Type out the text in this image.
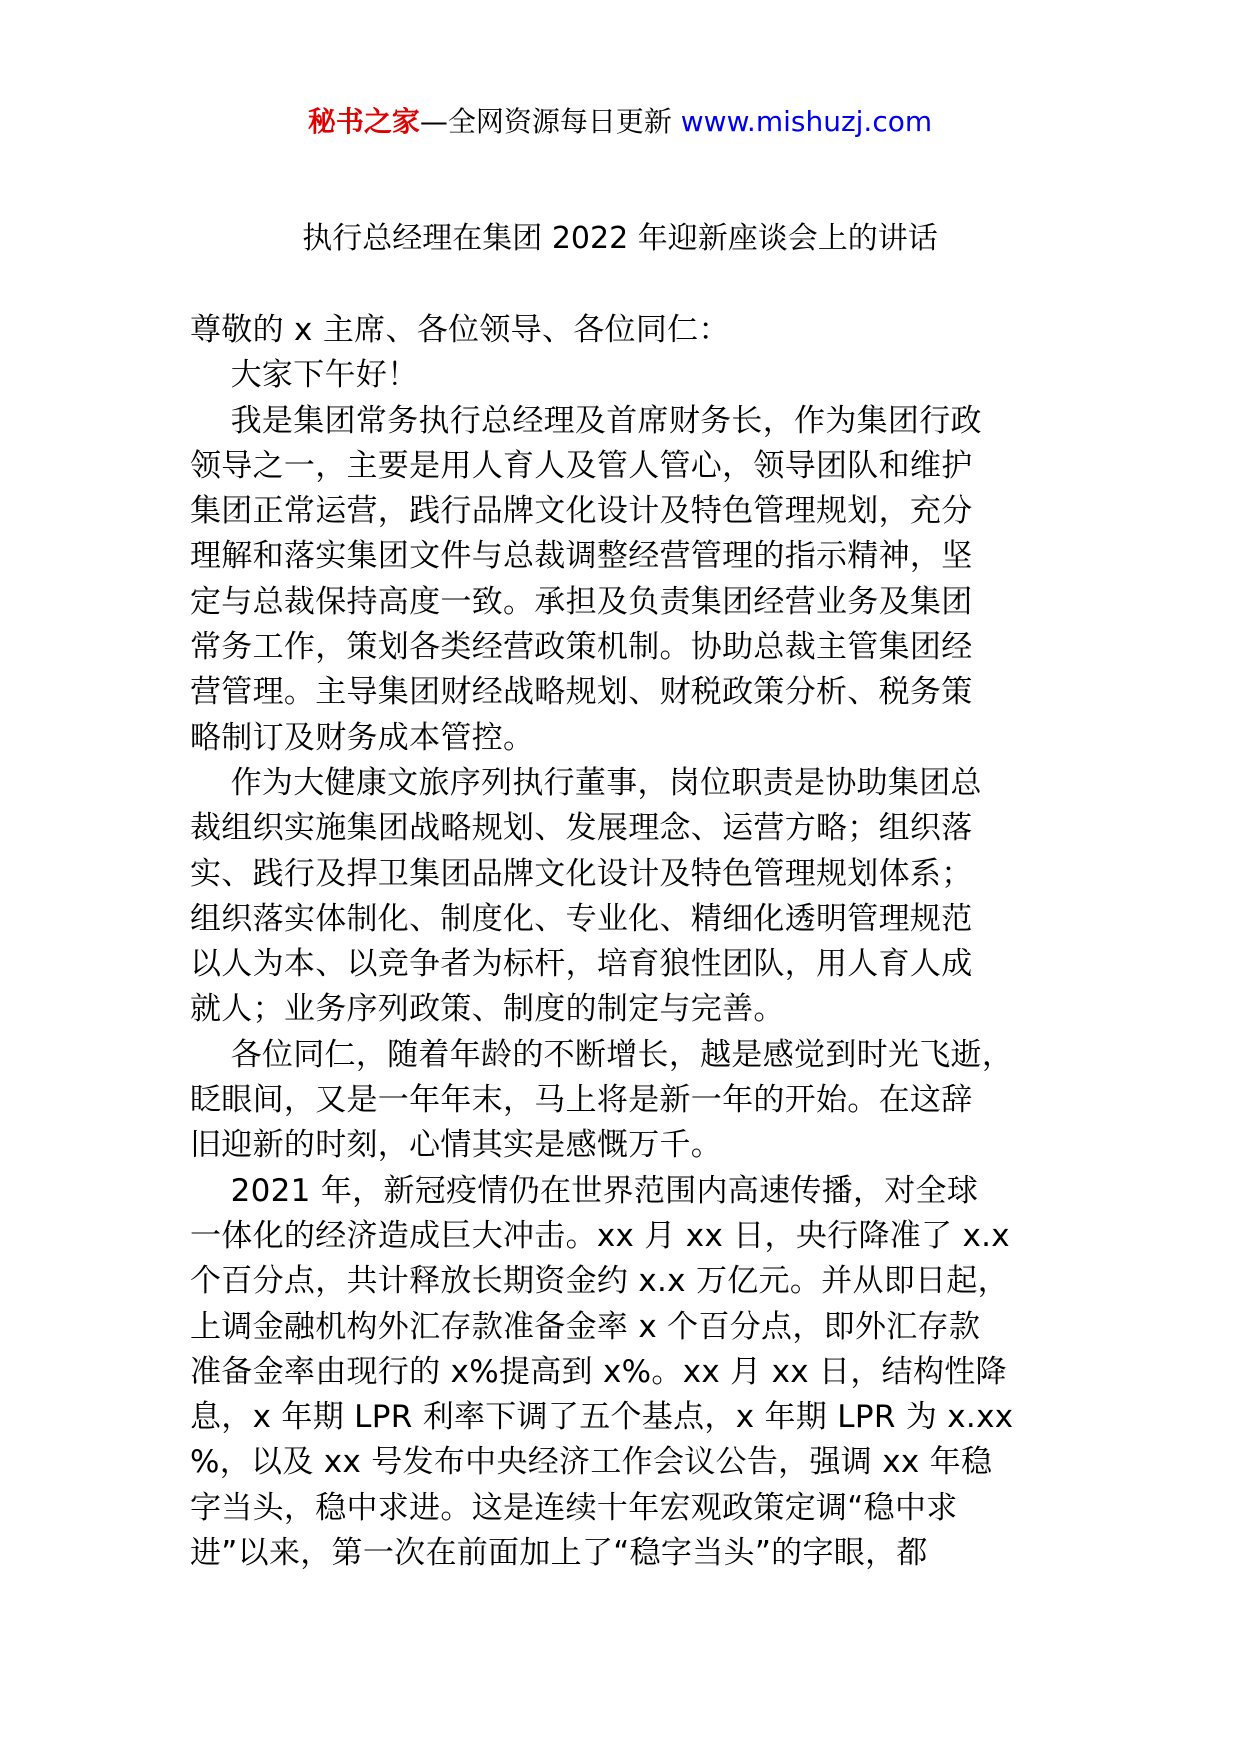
秘书之家—全网资源每日更新 www.mishuzj.com
执行总经理在集团 2022 年迎新座谈会上的讲话
尊敬的 x 主席、各位领导、各位同仁：
大家下午好！
我是集团常务执行总经理及首席财务长，作为集团行政
领导之一，主要是用人育人及管人管心，领导团队和维护
集团正常运营，践行品牌文化设计及特色管理规划，充分
理解和落实集团文件与总裁调整经营管理的指示精神，坚
定与总裁保持高度一致。承担及负责集团经营业务及集团
常务工作，策划各类经营政策机制。协助总裁主管集团经
营管理。主导集团财经战略规划、财税政策分析、税务策
略制订及财务成本管控。
作为大健康文旅序列执行董事，岗位职责是协助集团总
裁组织实施集团战略规划、发展理念、运营方略；组织落
实、践行及捍卫集团品牌文化设计及特色管理规划体系；
组织落实体制化、制度化、专业化、精细化透明管理规范
以人为本、以竞争者为标杆，培育狼性团队，用人育人成
就人；业务序列政策、制度的制定与完善。
各位同仁，随着年龄的不断增长，越是感觉到时光飞逝，
眨眼间，又是一年年末，马上将是新一年的开始。在这辞
旧迎新的时刻，心情其实是感慨万千。
2021 年，新冠疫情仍在世界范围内高速传播，对全球
一体化的经济造成巨大冲击。xx 月 xx 日，央行降准了 x.x
个百分点，共计释放长期资金约 x.x 万亿元。并从即日起，
上调金融机构外汇存款准备金率 x 个百分点，即外汇存款
准备金率由现行的 x%提高到 x%。xx 月 xx 日，结构性降
息，x 年期 LPR 利率下调了五个基点，x 年期 LPR 为 x.xx
%，以及 xx 号发布中央经济工作会议公告，强调 xx 年稳
字当头，稳中求进。这是连续十年宏观政策定调“稳中求
进”以来，第一次在前面加上了“稳字当头”的字眼，都
